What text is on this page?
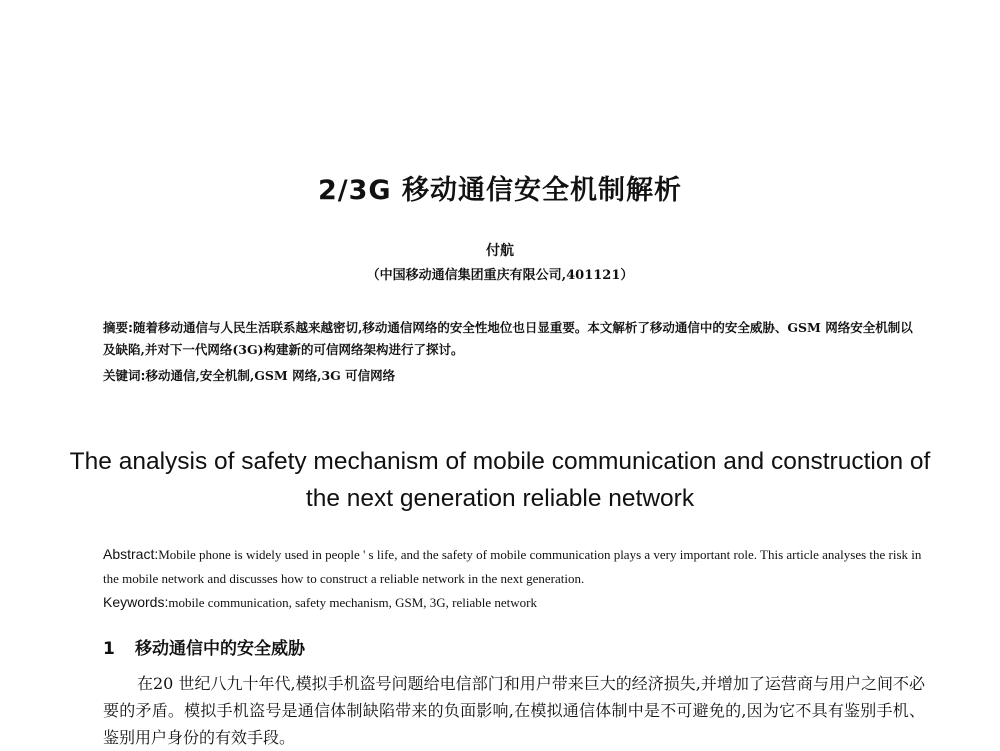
2/3G 移动通信安全机制解析
付航
（中国移动通信集团重庆有限公司,401121）
摘要:随着移动通信与人民生活联系越来越密切,移动通信网络的安全性地位也日显重要。本文解析了移动通信中的安全威胁、GSM 网络安全机制以及缺陷,并对下一代网络(3G)构建新的可信网络架构进行了探讨。
关键词:移动通信,安全机制,GSM 网络,3G 可信网络
The analysis of safety mechanism of mobile communication and construction of the next generation reliable network
Abstract:Mobile phone is widely used in people ' s life, and the safety of mobile communication plays a very important role. This article analyses the risk in the mobile network and discusses how to construct a reliable network in the next generation.
Keywords:mobile communication, safety mechanism, GSM, 3G, reliable network
1 移动通信中的安全威胁
在20 世纪八九十年代,模拟手机盗号问题给电信部门和用户带来巨大的经济损失,并增加了运营商与用户之间不必要的矛盾。模拟手机盗号是通信体制缺陷带来的负面影响,在模拟通信体制中是不可避免的,因为它不具有鉴别手机、鉴别用户身份的有效手段。
